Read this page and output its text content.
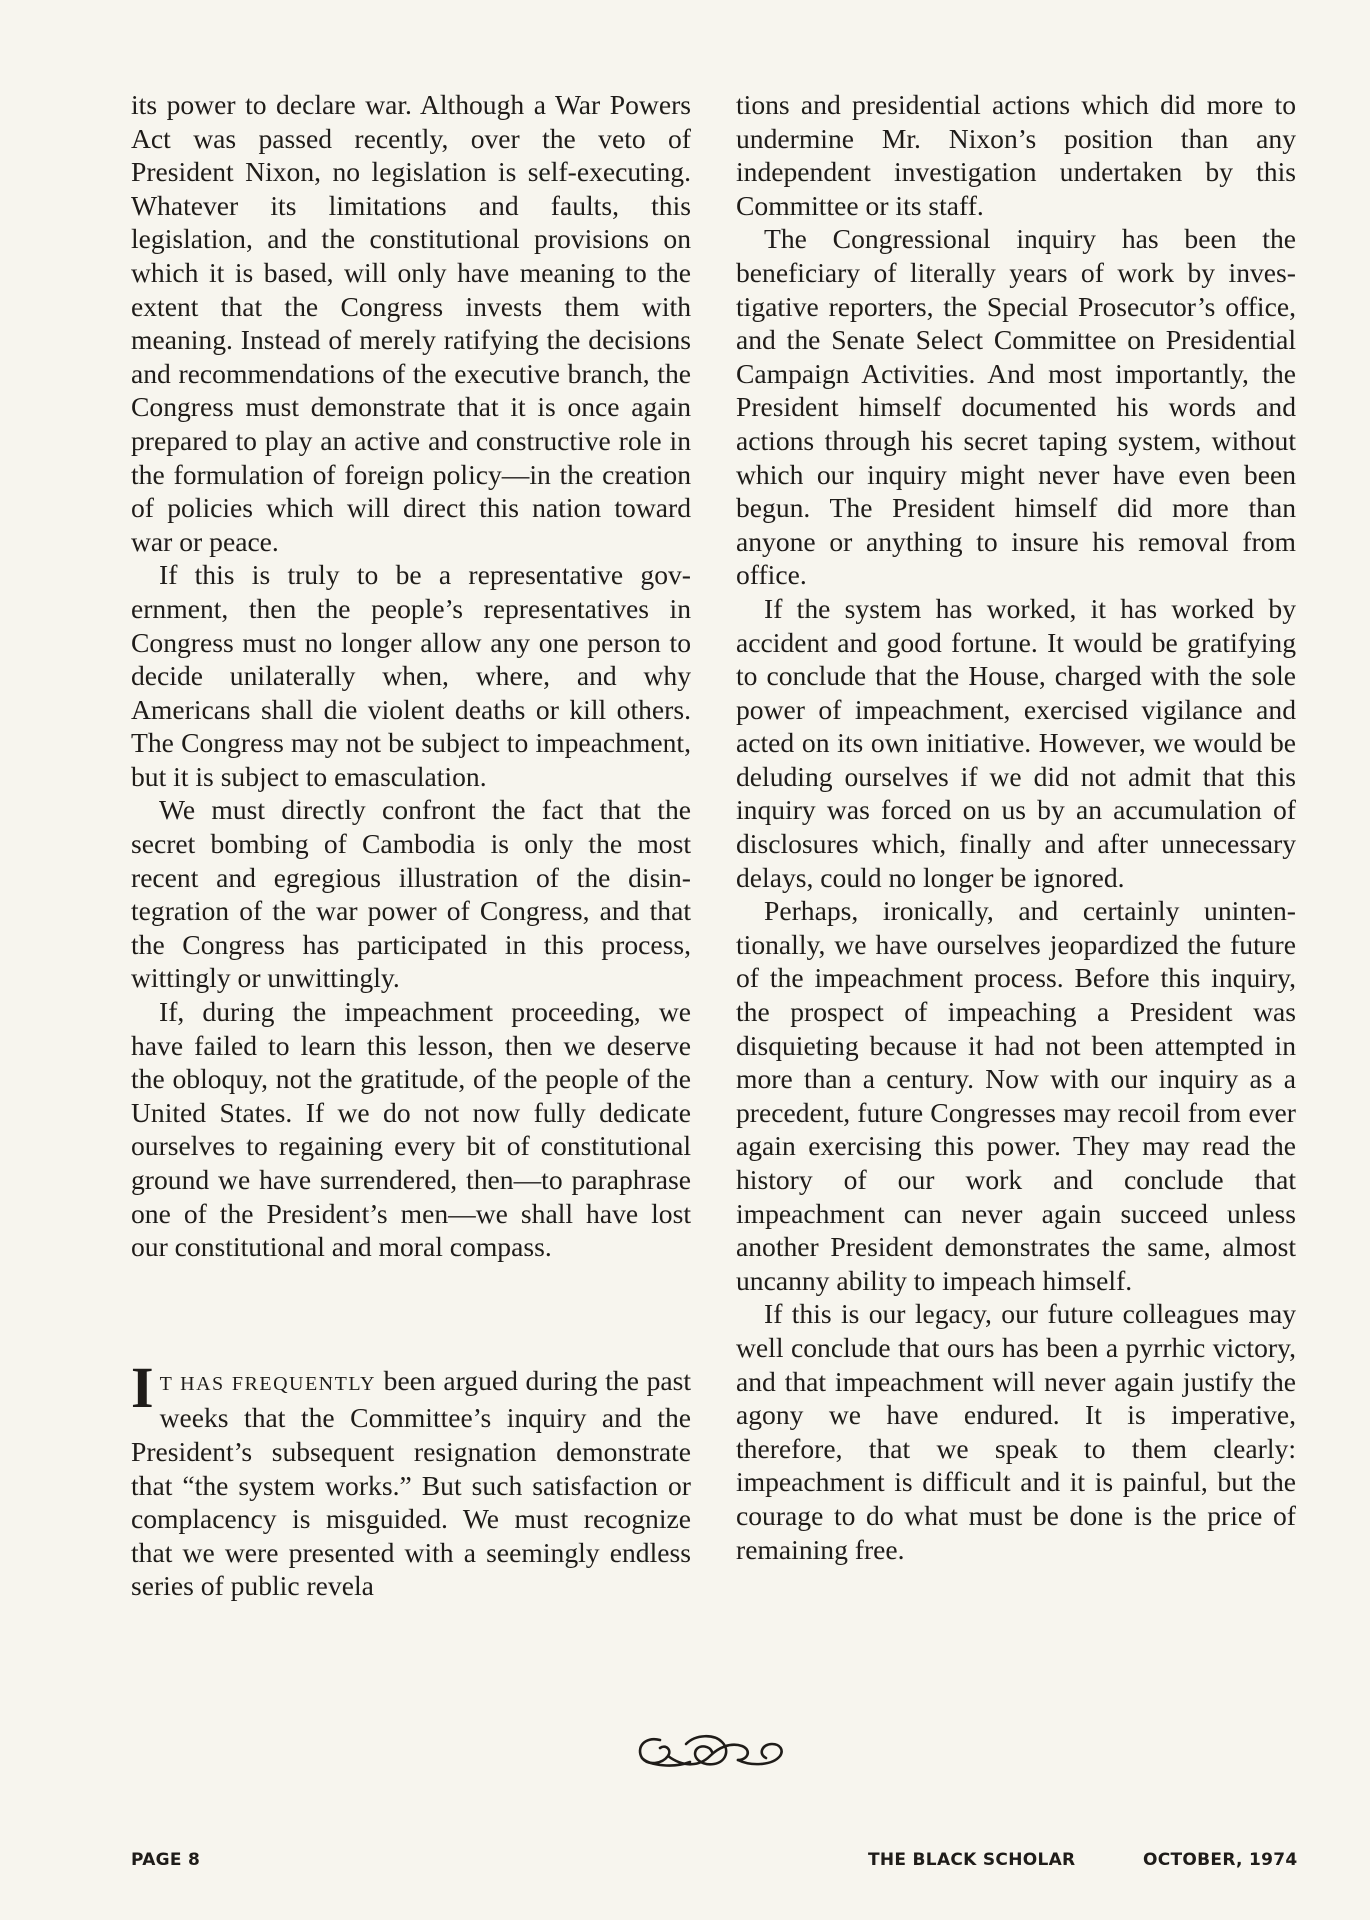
its power to declare war. Although a War Powers Act was passed recently, over the veto of President Nixon, no legislation is self-executing. Whatever its limitations and faults, this legislation, and the constitutional provisions on which it is based, will only have meaning to the extent that the Congress invests them with meaning. Instead of merely ratifying the decisions and recommendations of the executive branch, the Congress must demonstrate that it is once again prepared to play an active and constructive role in the formulation of foreign policy—in the creation of policies which will direct this nation toward war or peace.

If this is truly to be a representative government, then the people’s representatives in Congress must no longer allow any one person to decide unilaterally when, where, and why Americans shall die violent deaths or kill others. The Congress may not be subject to impeachment, but it is subject to emasculation.

We must directly confront the fact that the secret bombing of Cambodia is only the most recent and egregious illustration of the disintegration of the war power of Congress, and that the Congress has participated in this process, wittingly or unwittingly.

If, during the impeachment proceeding, we have failed to learn this lesson, then we deserve the obloquy, not the gratitude, of the people of the United States. If we do not now fully dedicate ourselves to regaining every bit of constitutional ground we have surrendered, then—to paraphrase one of the President’s men—we shall have lost our constitutional and moral compass.

I T HAS FREQUENTLY been argued during the past weeks that the Committee’s inquiry and the President’s subsequent resignation demonstrate that “the system works.” But such satisfaction or complacency is misguided. We must recognize that we were presented with a seemingly endless series of public revela

tions and presidential actions which did more to undermine Mr. Nixon’s position than any independent investigation undertaken by this Committee or its staff.

The Congressional inquiry has been the beneficiary of literally years of work by investigative reporters, the Special Prosecutor’s office, and the Senate Select Committee on Presidential Campaign Activities. And most importantly, the President himself documented his words and actions through his secret taping system, without which our inquiry might never have even been begun. The President himself did more than anyone or anything to insure his removal from office.

If the system has worked, it has worked by accident and good fortune. It would be gratifying to conclude that the House, charged with the sole power of impeachment, exercised vigilance and acted on its own initiative. However, we would be deluding ourselves if we did not admit that this inquiry was forced on us by an accumulation of disclosures which, finally and after unnecessary delays, could no longer be ignored.

Perhaps, ironically, and certainly unintentionally, we have ourselves jeopardized the future of the impeachment process. Before this inquiry, the prospect of impeaching a President was disquieting because it had not been attempted in more than a century. Now with our inquiry as a precedent, future Congresses may recoil from ever again exercising this power. They may read the history of our work and conclude that impeachment can never again succeed unless another President demonstrates the same, almost uncanny ability to impeach himself.

If this is our legacy, our future colleagues may well conclude that ours has been a pyrrhic victory, and that impeachment will never again justify the agony we have endured. It is imperative, therefore, that we speak to them clearly: impeachment is difficult and it is painful, but the courage to do what must be done is the price of remaining free.

PAGE 8	THE BLACK SCHOLAR	OCTOBER, 1974
